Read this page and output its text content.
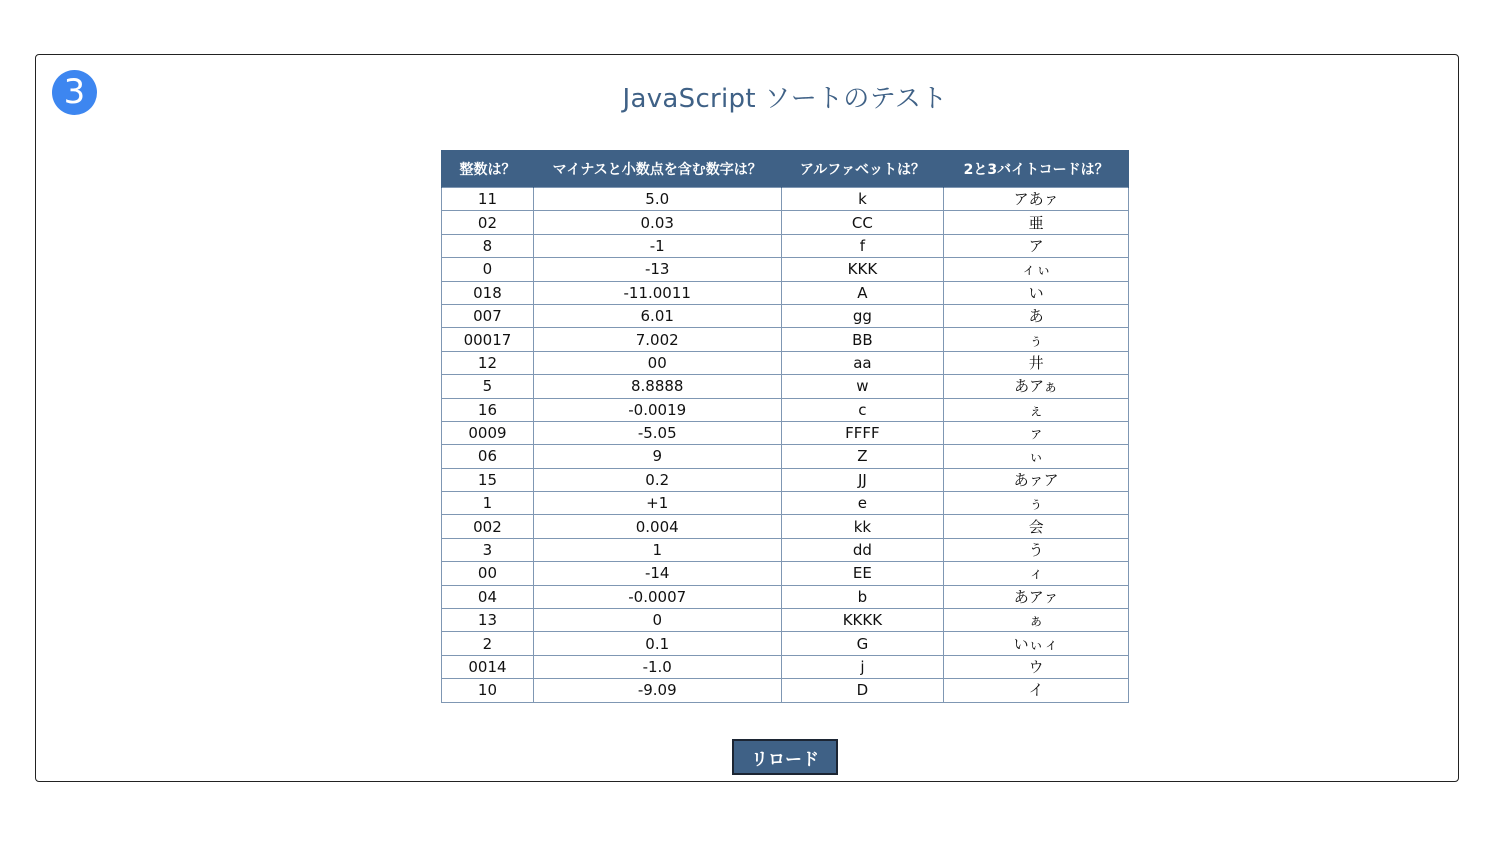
3	JavaScript ソートのテスト
整数は？	マイナスと小数点を含む数字は？	アルファベットは？	2と3バイトコードは？
11	5.0	k	アあァ
02	0.03	CC	亜
8	-1	f	ア
0	-13	KKK	ィぃ
018	-11.0011	A	い
007	6.01	gg	あ
00017	7.002	BB	ぅ
12	00	aa	井
5	8.8888	w	あアぁ
16	-0.0019	c	ぇ
0009	-5.05	FFFF	ァ
06	9	Z	ぃ
15	0.2	JJ	あァア
1	+1	e	ぅ
002	0.004	kk	会
3	1	dd	う
00	-14	EE	ィ
04	-0.0007	b	あアァ
13	0	KKKK	ぁ
2	0.1	G	いぃィ
0014	-1.0	j	ウ
10	-9.09	D	イ
リロード
